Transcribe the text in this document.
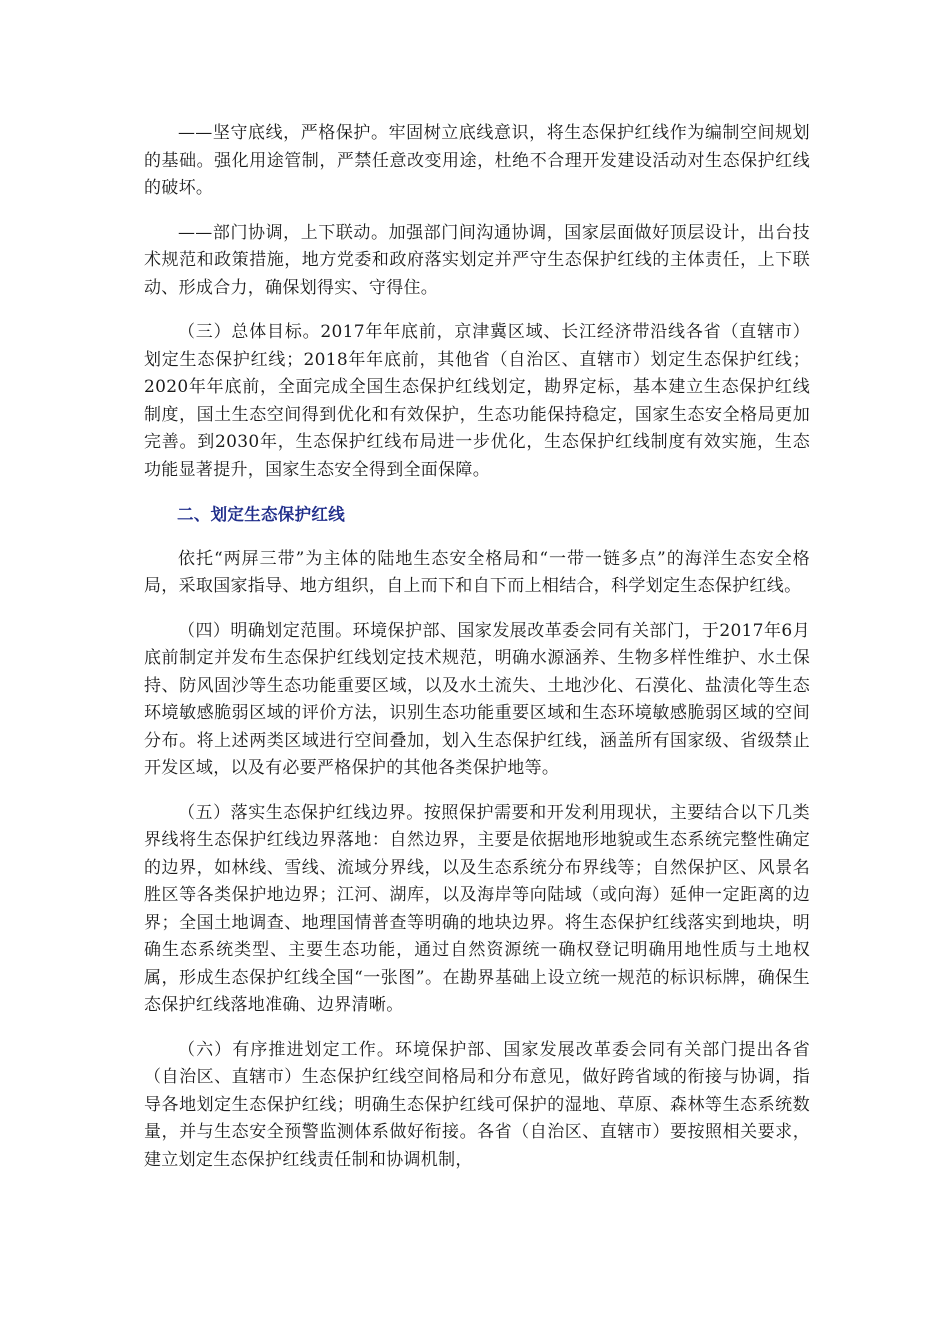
——坚守底线，严格保护。牢固树立底线意识，将生态保护红线作为编制空间规划的基础。强化用途管制，严禁任意改变用途，杜绝不合理开发建设活动对生态保护红线的破坏。

——部门协调，上下联动。加强部门间沟通协调，国家层面做好顶层设计，出台技术规范和政策措施，地方党委和政府落实划定并严守生态保护红线的主体责任，上下联动、形成合力，确保划得实、守得住。

（三）总体目标。2017年年底前，京津冀区域、长江经济带沿线各省（直辖市）划定生态保护红线；2018年年底前，其他省（自治区、直辖市）划定生态保护红线；2020年年底前，全面完成全国生态保护红线划定，勘界定标，基本建立生态保护红线制度，国土生态空间得到优化和有效保护，生态功能保持稳定，国家生态安全格局更加完善。到2030年，生态保护红线布局进一步优化，生态保护红线制度有效实施，生态功能显著提升，国家生态安全得到全面保障。

二、划定生态保护红线

依托“两屏三带”为主体的陆地生态安全格局和“一带一链多点”的海洋生态安全格局，采取国家指导、地方组织，自上而下和自下而上相结合，科学划定生态保护红线。

（四）明确划定范围。环境保护部、国家发展改革委会同有关部门，于2017年6月底前制定并发布生态保护红线划定技术规范，明确水源涵养、生物多样性维护、水土保持、防风固沙等生态功能重要区域，以及水土流失、土地沙化、石漠化、盐渍化等生态环境敏感脆弱区域的评价方法，识别生态功能重要区域和生态环境敏感脆弱区域的空间分布。将上述两类区域进行空间叠加，划入生态保护红线，涵盖所有国家级、省级禁止开发区域，以及有必要严格保护的其他各类保护地等。

（五）落实生态保护红线边界。按照保护需要和开发利用现状，主要结合以下几类界线将生态保护红线边界落地：自然边界，主要是依据地形地貌或生态系统完整性确定的边界，如林线、雪线、流域分界线，以及生态系统分布界线等；自然保护区、风景名胜区等各类保护地边界；江河、湖库，以及海岸等向陆域（或向海）延伸一定距离的边界；全国土地调查、地理国情普查等明确的地块边界。将生态保护红线落实到地块，明确生态系统类型、主要生态功能，通过自然资源统一确权登记明确用地性质与土地权属，形成生态保护红线全国“一张图”。在勘界基础上设立统一规范的标识标牌，确保生态保护红线落地准确、边界清晰。

（六）有序推进划定工作。环境保护部、国家发展改革委会同有关部门提出各省（自治区、直辖市）生态保护红线空间格局和分布意见，做好跨省域的衔接与协调，指导各地划定生态保护红线；明确生态保护红线可保护的湿地、草原、森林等生态系统数量，并与生态安全预警监测体系做好衔接。各省（自治区、直辖市）要按照相关要求，建立划定生态保护红线责任制和协调机制，
